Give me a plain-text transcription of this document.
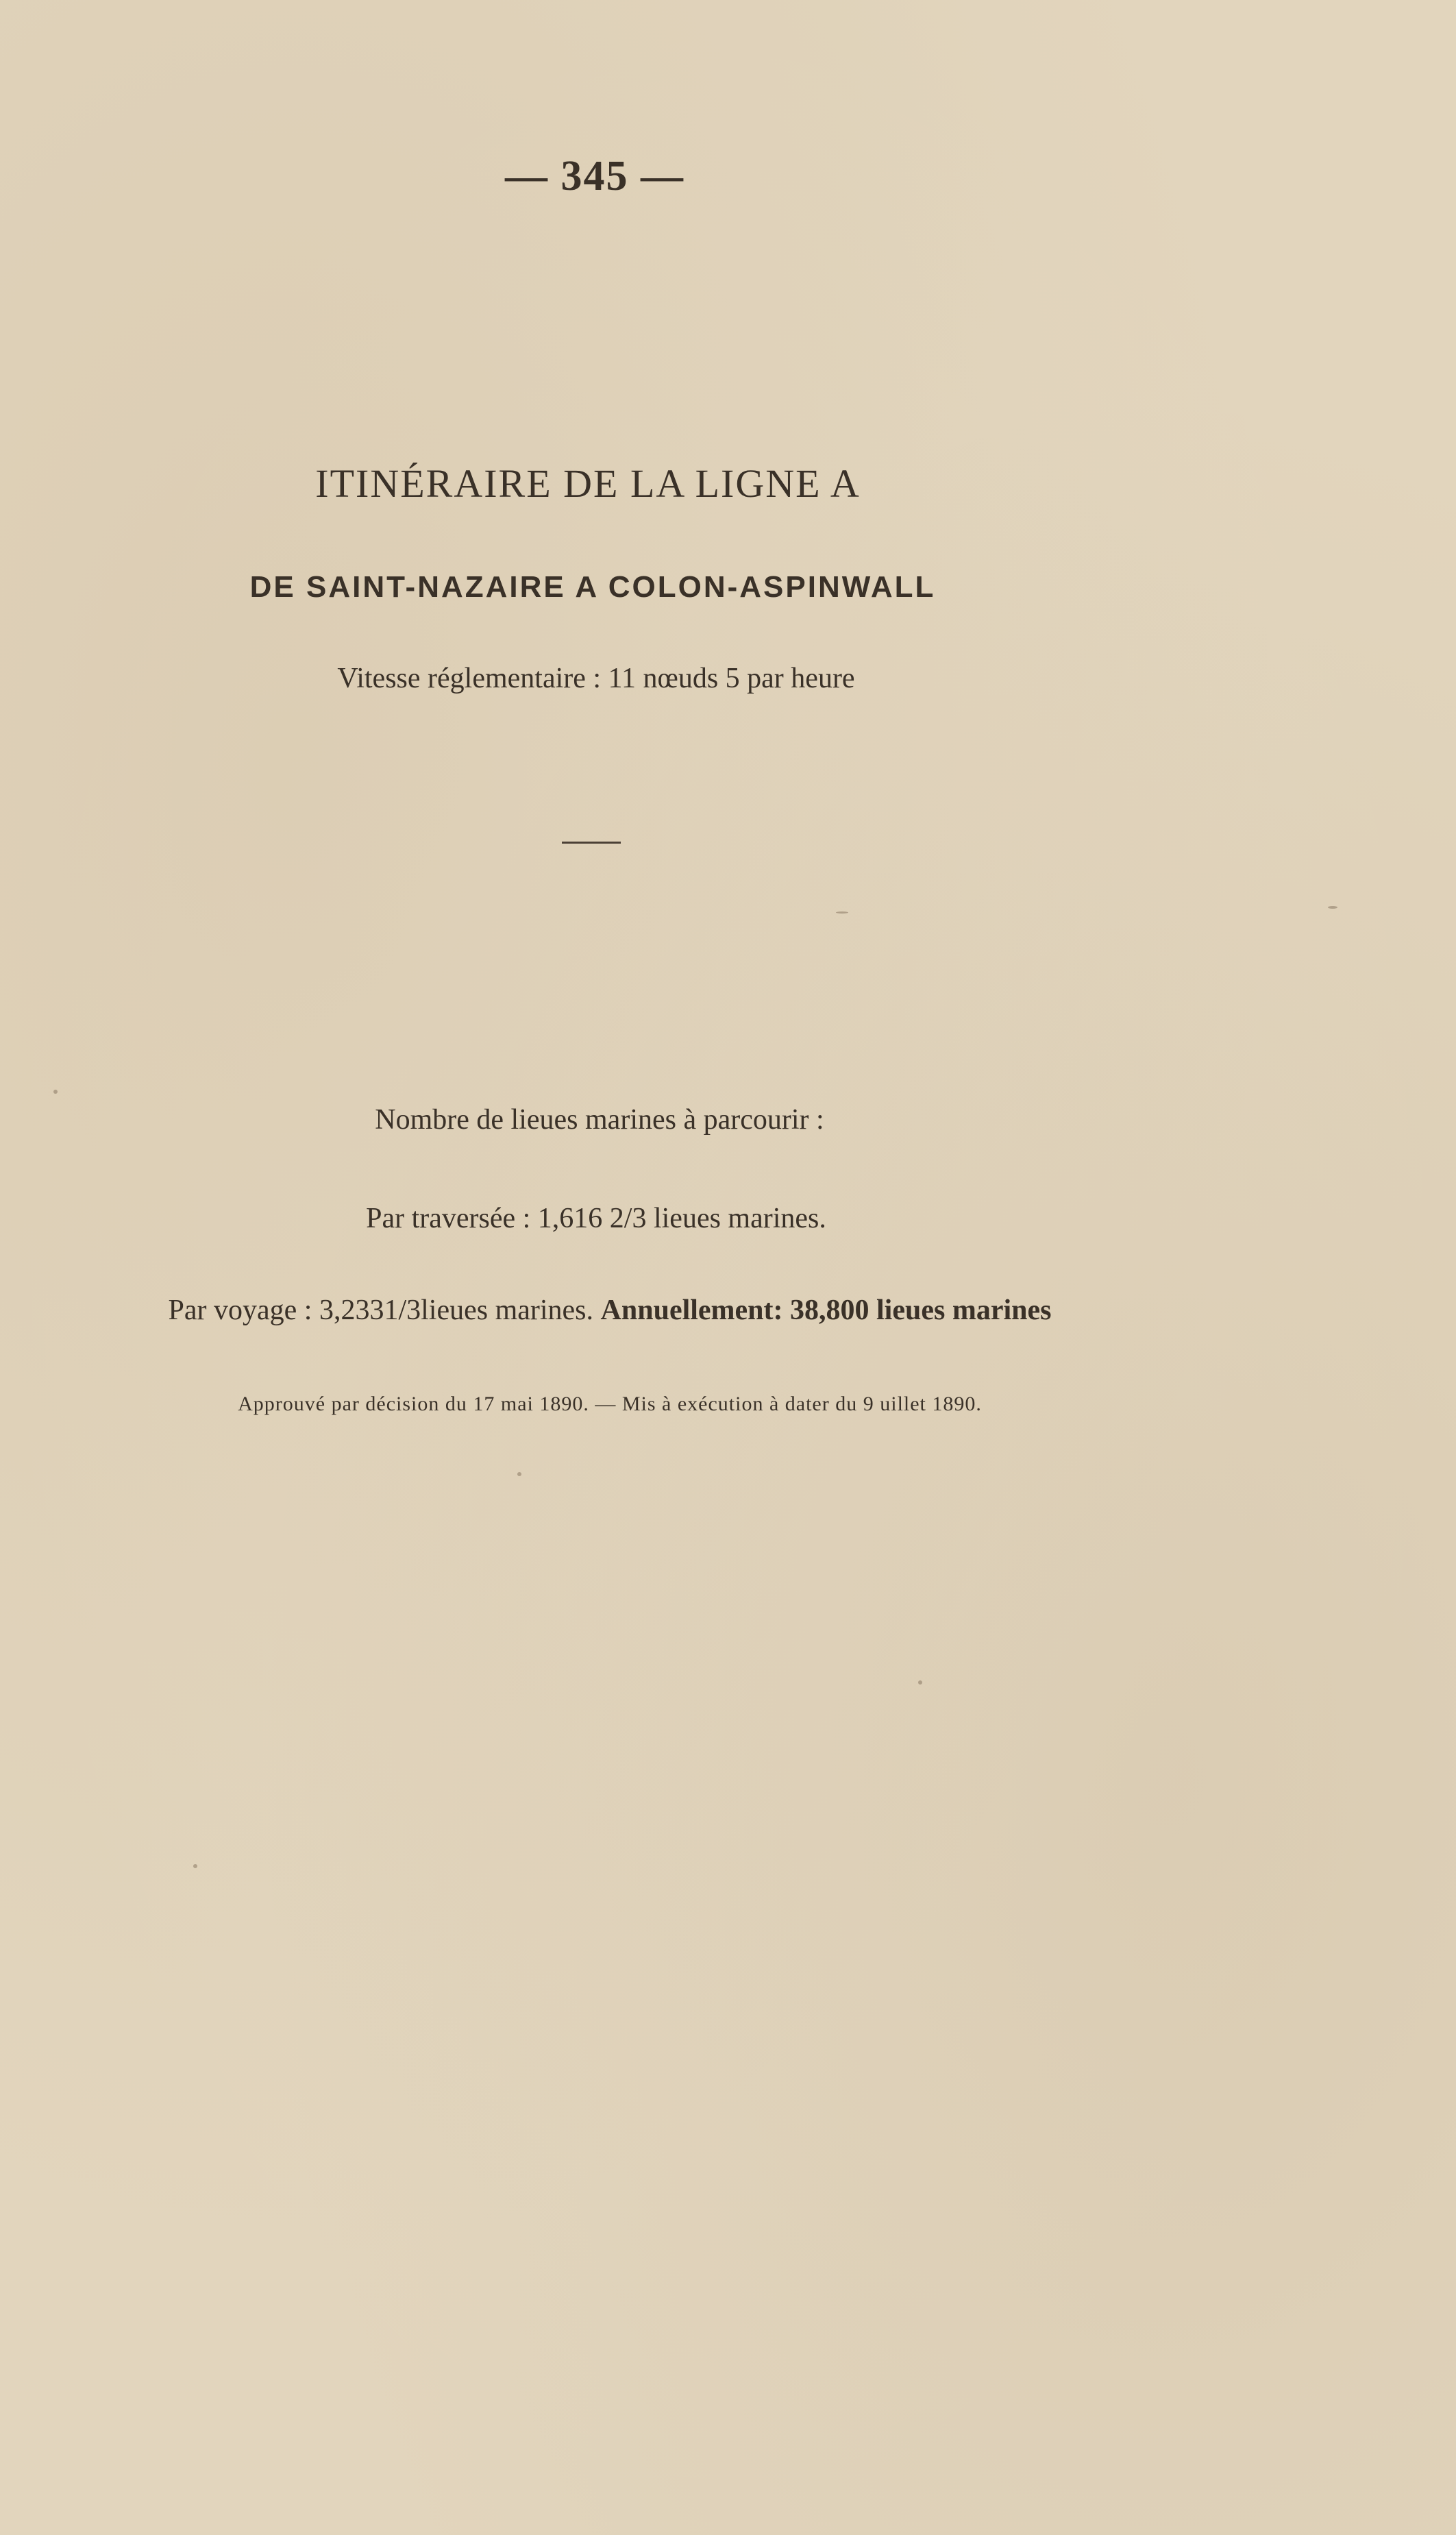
— 345 —
ITINÉRAIRE DE LA LIGNE A
DE SAINT-NAZAIRE A COLON-ASPINWALL
Vitesse réglementaire : 11 nœuds 5 par heure
Nombre de lieues marines à parcourir :
Par traversée : 1,616 2/3 lieues marines.
Par voyage : 3,2331/3lieues marines. Annuellement: 38,800 lieues marines
Approuvé par décision du 17 mai 1890. — Mis à exécution à dater du 9 uillet 1890.
